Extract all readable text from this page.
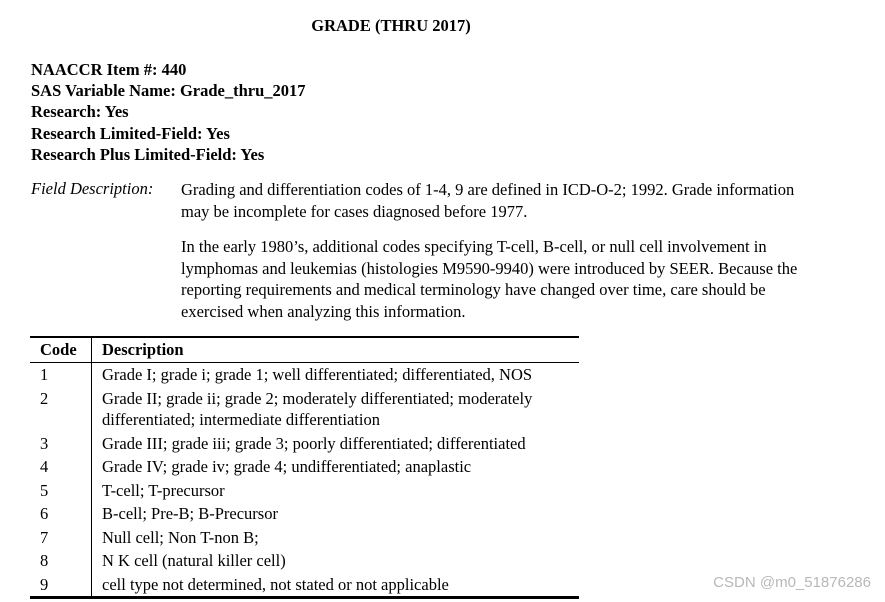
GRADE (THRU 2017)
NAACCR Item #: 440
SAS Variable Name: Grade_thru_2017
Research: Yes
Research Limited-Field: Yes
Research Plus Limited-Field: Yes
Field Description: Grading and differentiation codes of 1-4, 9 are defined in ICD-O-2; 1992. Grade information may be incomplete for cases diagnosed before 1977.
In the early 1980’s, additional codes specifying T-cell, B-cell, or null cell involvement in lymphomas and leukemias (histologies M9590-9940) were introduced by SEER. Because the reporting requirements and medical terminology have changed over time, care should be exercised when analyzing this information.
Code	Description
1	Grade I; grade i; grade 1; well differentiated; differentiated, NOS
2	Grade II; grade ii; grade 2; moderately differentiated; moderately differentiated; intermediate differentiation
3	Grade III; grade iii; grade 3; poorly differentiated; differentiated
4	Grade IV; grade iv; grade 4; undifferentiated; anaplastic
5	T-cell; T-precursor
6	B-cell; Pre-B; B-Precursor
7	Null cell; Non T-non B;
8	N K cell (natural killer cell)
9	cell type not determined, not stated or not applicable	CSDN @m0_51876286
